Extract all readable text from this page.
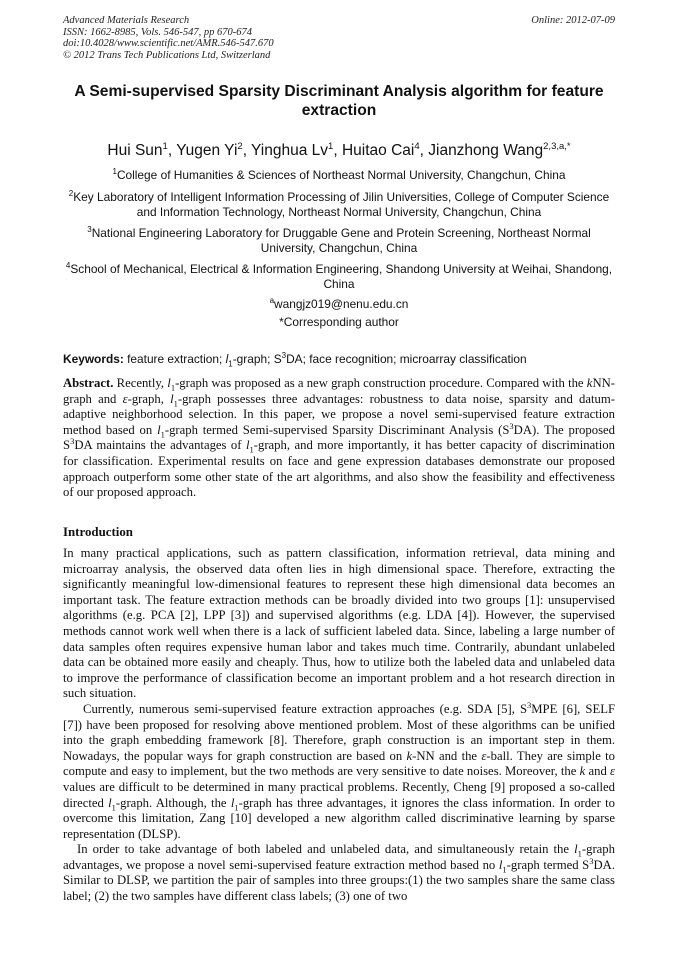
Advanced Materials Research
ISSN: 1662-8985, Vols. 546-547, pp 670-674
doi:10.4028/www.scientific.net/AMR.546-547.670
© 2012 Trans Tech Publications Ltd, Switzerland
Online: 2012-07-09
A Semi-supervised Sparsity Discriminant Analysis algorithm for feature extraction
Hui Sun$^1$, Yugen Yi$^2$, Yinghua Lv$^1$, Huitao Cai$^4$, Jianzhong Wang$^{2,3,a,*}$
$^1$College of Humanities & Sciences of Northeast Normal University, Changchun, China
$^2$Key Laboratory of Intelligent Information Processing of Jilin Universities, College of Computer Science and Information Technology, Northeast Normal University, Changchun, China
$^3$National Engineering Laboratory for Druggable Gene and Protein Screening, Northeast Normal University, Changchun, China
$^4$School of Mechanical, Electrical & Information Engineering, Shandong University at Weihai, Shandong, China
$^a$wangjz019@nenu.edu.cn
*Corresponding author
Keywords: feature extraction; $l_1$-graph; $S^3DA$; face recognition; microarray classification
Abstract. Recently, $l_1$-graph was proposed as a new graph construction procedure. Compared with the kNN-graph and ε-graph, $l_1$-graph possesses three advantages: robustness to data noise, sparsity and datum-adaptive neighborhood selection. In this paper, we propose a novel semi-supervised feature extraction method based on $l_1$-graph termed Semi-supervised Sparsity Discriminant Analysis $(S^3DA)$. The proposed $S^3DA$ maintains the advantages of $l_1$-graph, and more importantly, it has better capacity of discrimination for classification. Experimental results on face and gene expression databases demonstrate our proposed approach outperform some other state of the art algorithms, and also show the feasibility and effectiveness of our proposed approach.
Introduction
In many practical applications, such as pattern classification, information retrieval, data mining and microarray analysis, the observed data often lies in high dimensional space. Therefore, extracting the significantly meaningful low-dimensional features to represent these high dimensional data becomes an important task. The feature extraction methods can be broadly divided into two groups [1]: unsupervised algorithms (e.g. PCA [2], LPP [3]) and supervised algorithms (e.g. LDA [4]). However, the supervised methods cannot work well when there is a lack of sufficient labeled data. Since, labeling a large number of data samples often requires expensive human labor and takes much time. Contrarily, abundant unlabeled data can be obtained more easily and cheaply. Thus, how to utilize both the labeled data and unlabeled data to improve the performance of classification become an important problem and a hot research direction in such situation.
Currently, numerous semi-supervised feature extraction approaches (e.g. SDA [5], $S^3MPE$ [6], SELF [7]) have been proposed for resolving above mentioned problem. Most of these algorithms can be unified into the graph embedding framework [8]. Therefore, graph construction is an important step in them. Nowadays, the popular ways for graph construction are based on k-NN and the ε-ball. They are simple to compute and easy to implement, but the two methods are very sensitive to date noises. Moreover, the k and ε values are difficult to be determined in many practical problems. Recently, Cheng [9] proposed a so-called directed $l_1$-graph. Although, the $l_1$-graph has three advantages, it ignores the class information. In order to overcome this limitation, Zang [10] developed a new algorithm called discriminative learning by sparse representation (DLSP).
In order to take advantage of both labeled and unlabeled data, and simultaneously retain the $l_1$-graph advantages, we propose a novel semi-supervised feature extraction method based no $l_1$-graph termed $S^3DA$. Similar to DLSP, we partition the pair of samples into three groups:(1) the two samples share the same class label; (2) the two samples have different class labels; (3) one of two
